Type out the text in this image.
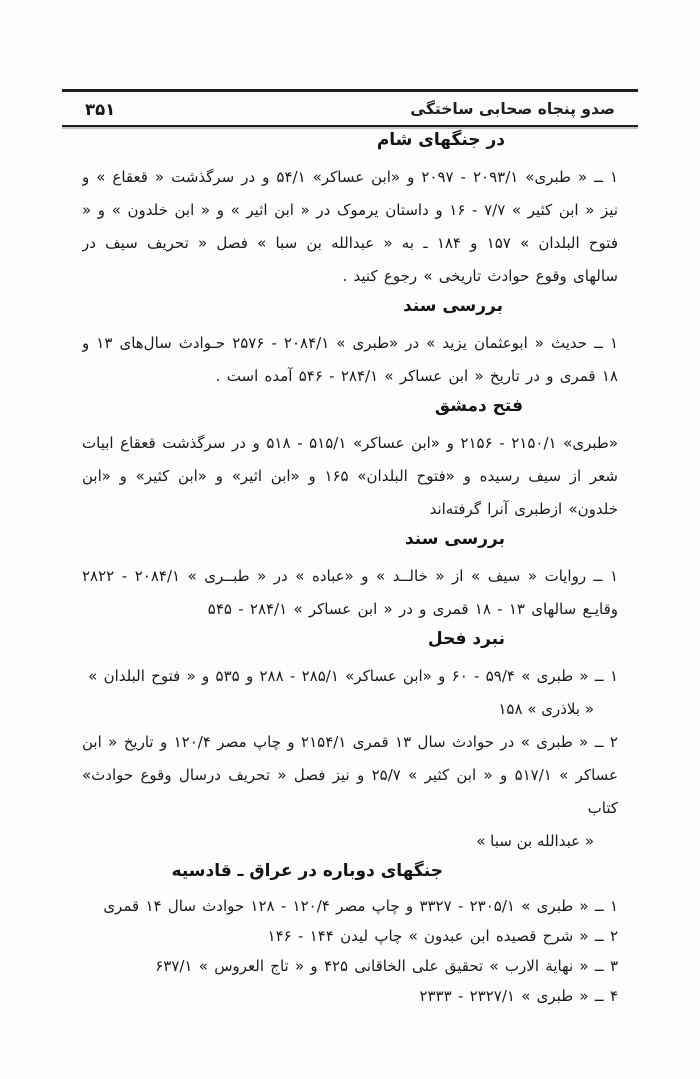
صدو پنجاه صحابی ساختگی
۳۵۱
در جنگهای شام

۱ ــ « طبری» ۲۰۹۳/۱ - ۲۰۹۷ و «ابن عساکر» ۵۴/۱ و در سرگذشت « قعقاع » و نیز « ابن کثیر » ۷/۷ - ۱۶ و داستان یرموک در « ابن اثیر » و « ابن خلدون » و « فتوح البلدان » ۱۵۷ و ۱۸۴ ـ به « عبدالله بن سبا » فصل « تحریف سیف در سالهای وقوع حوادث تاریخی » رجوع کنید .

بررسی سند

۱ ــ حدیث « ابوعثمان یزید » در «طبری » ۲۰۸۴/۱ - ۲۵۷۶ حـوادث سال‌های ۱۳ و ۱۸ قمری و در تاریخ « ابن عساکر » ۲۸۴/۱ - ۵۴۶ آمده است .

فتح دمشق

«طبری» ۲۱۵۰/۱ - ۲۱۵۶ و «ابن عساکر» ۵۱۵/۱ - ۵۱۸ و در سرگذشت قعقاع ابیات شعر از سیف رسیده و «فتوح البلدان» ۱۶۵ و «ابن اثیر» و «ابن کثیر» و «ابن خلدون» ازطبری آنرا گرفته‌اند

بررسی سند

۱ ــ روایات « سیف » از « خالــد » و «عباده » در « طبــری » ۲۰۸۴/۱ - ۲۸۲۲ وقایـع سالهای ۱۳ - ۱۸ قمری و در « ابن عساکر » ۲۸۴/۱ - ۵۴۵

نبرد فحل

۱ ــ « طبری » ۵۹/۴ - ۶۰ و «ابن عساکر» ۲۸۵/۱ - ۲۸۸ و ۵۳۵ و « فتوح البلدان »

« بلاذری » ۱۵۸

۲ ــ « طبری » در حوادث سال ۱۳ قمری ۲۱۵۴/۱ و چاپ مصر ۱۲۰/۴ و تاریخ « ابن عساکر » ۵۱۷/۱ و « ابن کثیر » ۲۵/۷ و نیز فصل « تحریف درسال وقوع حوادث» کتاب

« عبدالله بن سبا »

جنگهای دوباره در عراق ـ قادسیه

۱ ــ « طبری » ۲۳۰۵/۱ - ۳۳۲۷ و چاپ مصر ۱۲۰/۴ - ۱۲۸ حوادث سال ۱۴ قمری

۲ ــ « شرح قصیده ابن عبدون » چاپ لیدن ۱۴۴ - ۱۴۶

۳ ــ « نهایة الارب » تحقیق علی الخاقانی ۴۲۵ و « تاج العروس » ۶۳۷/۱

۴ ــ « طبری » ۲۳۲۷/۱ - ۲۳۳۳
